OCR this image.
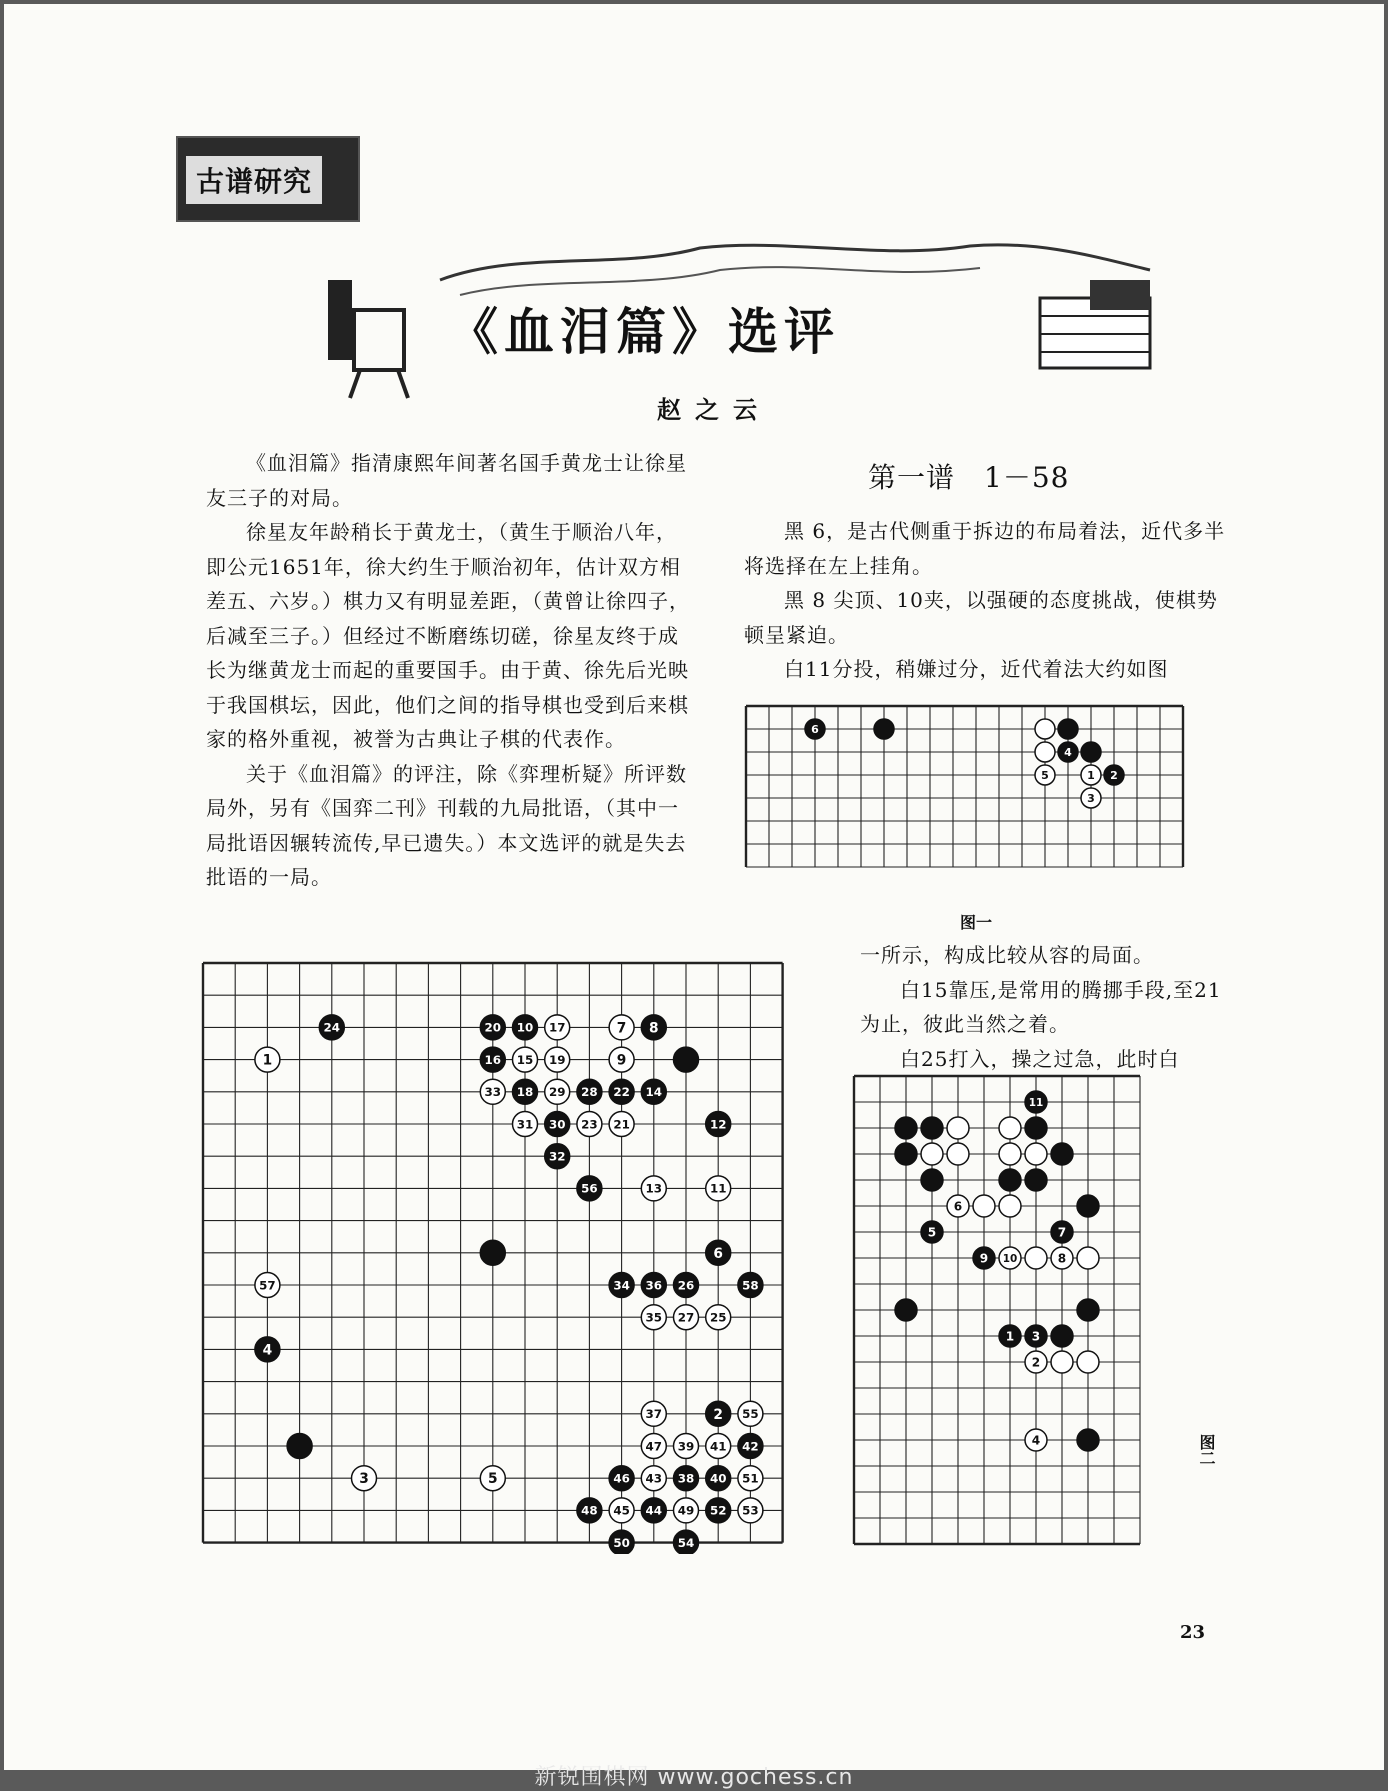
古谱研究
《血泪篇》选评
赵之云

《血泪篇》指清康熙年间著名国手黄龙士让徐星友三子的对局。

徐星友年龄稍长于黄龙士，（黄生于顺治八年，即公元1651年，徐大约生于顺治初年，估计双方相差五、六岁。）棋力又有明显差距，（黄曾让徐四子，后减至三子。）但经过不断磨练切磋，徐星友终于成长为继黄龙士而起的重要国手。由于黄、徐先后光映于我国棋坛，因此，他们之间的指导棋也受到后来棋家的格外重视，被誉为古典让子棋的代表作。

关于《血泪篇》的评注，除《弈理析疑》所评数局外，另有《国弈二刊》刊载的九局批语，（其中一局批语因辗转流传,早已遗失。）本文选评的就是失去批语的一局。

第一谱　1－58

黑 6，是古代侧重于拆边的布局着法，近代多半将选择在左上挂角。

黑 8 尖顶、10夹，以强硬的态度挑战，使棋势顿呈紧迫。

白11分投，稍嫌过分，近代着法大约如图

6
4
5	1 2
3
图一

一所示，构成比较从容的局面。

白15靠压,是常用的腾挪手段,至21为止，彼此当然之着。

白25打入，操之过急，此时白

24	20 10 17	7 8
1	16 15 19	9
33 18 29 28 22 14
31 30 23 21	12
32
56	13	11
6
57	34 36 26	58
35 27 25
4
37	2 55
47 39 41 42
3	5	46 43 38 40 51
48 45 44 49 52 53
50	54
11
6
5	7
9 10	8
1 3
2
4	图二
23
新锐围棋网 www.gochess.cn
